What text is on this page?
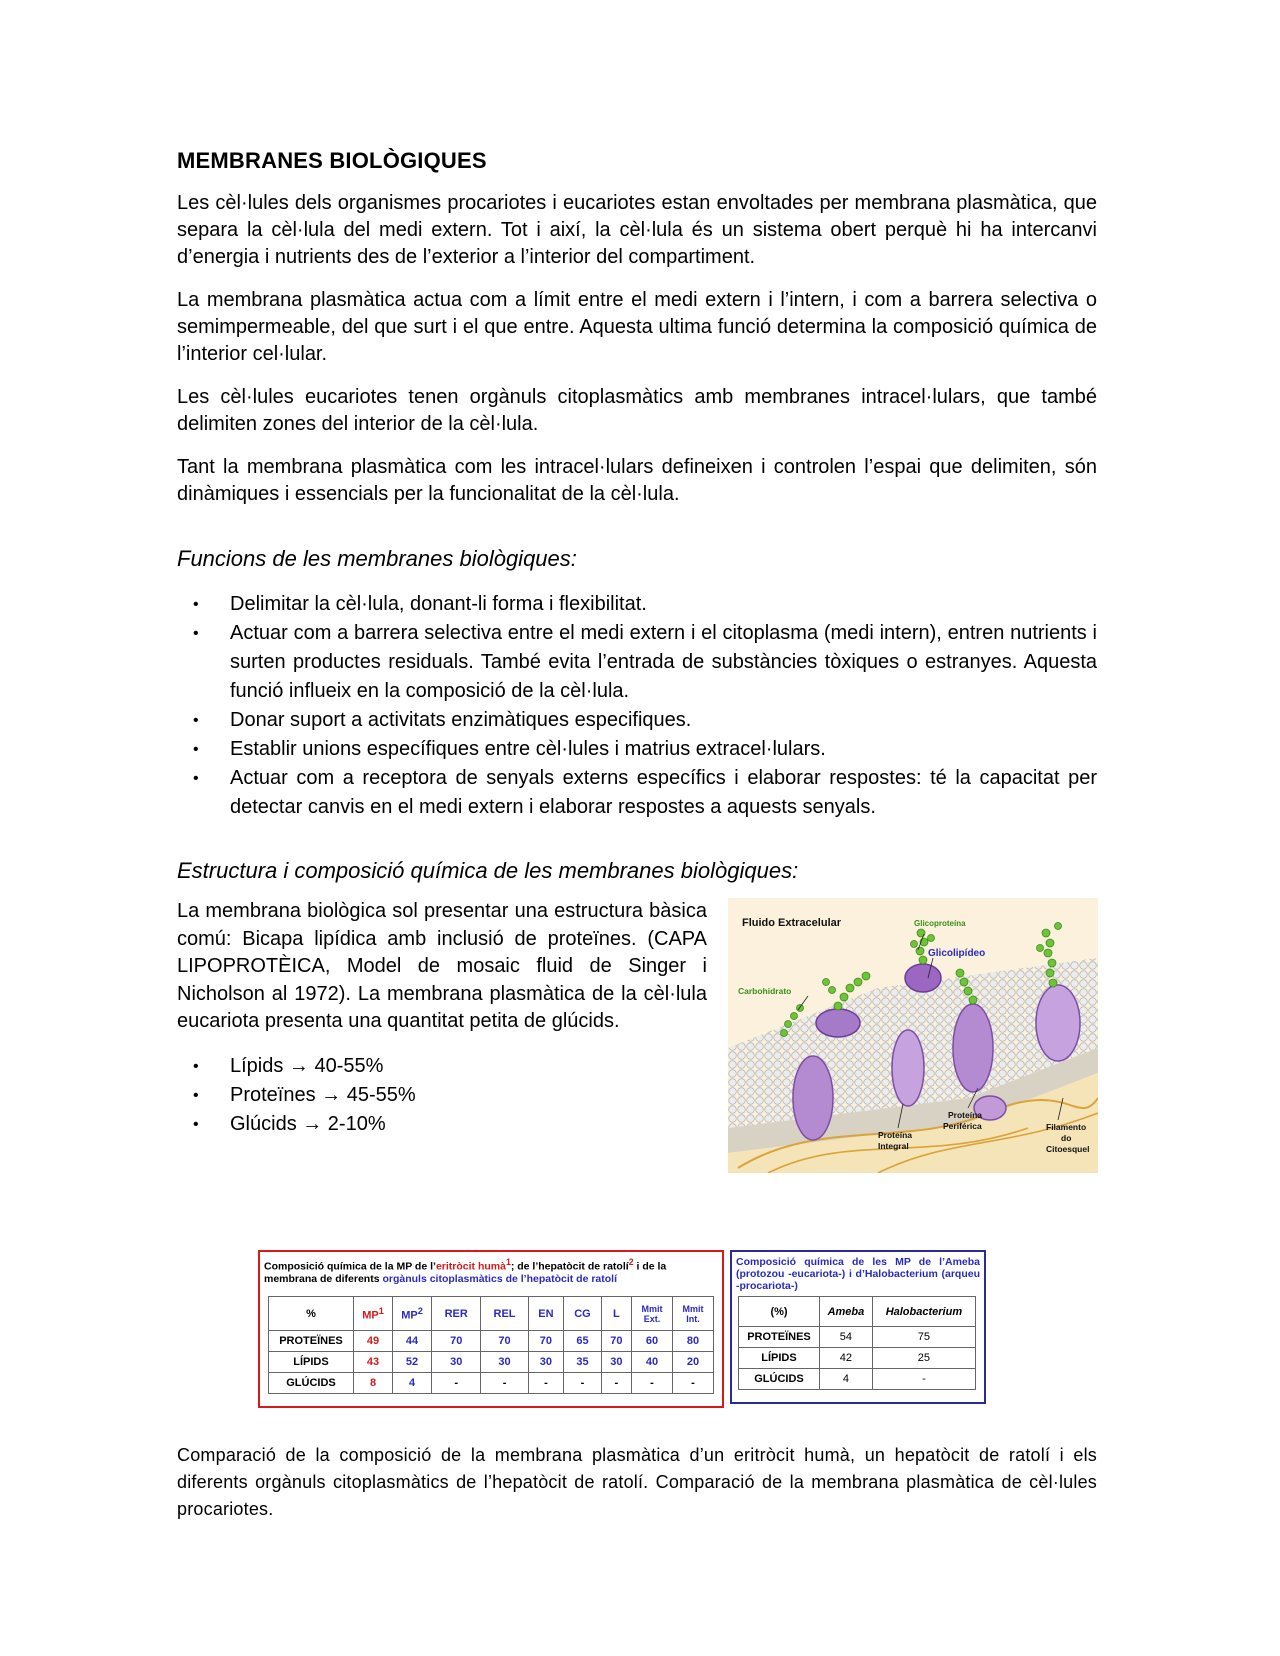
MEMBRANES BIOLÒGIQUES

Les cèl·lules dels organismes procariotes i eucariotes estan envoltades per membrana plasmàtica, que separa la cèl·lula del medi extern. Tot i així, la cèl·lula és un sistema obert perquè hi ha intercanvi d’energia i nutrients des de l’exterior a l’interior del compartiment.

La membrana plasmàtica actua com a límit entre el medi extern i l’intern, i com a barrera selectiva o semimpermeable, del que surt i el que entre. Aquesta ultima funció determina la composició química de l’interior cel·lular.

Les cèl·lules eucariotes tenen orgànuls citoplasmàtics amb membranes intracel·lulars, que també delimiten zones del interior de la cèl·lula.

Tant la membrana plasmàtica com les intracel·lulars defineixen i controlen l’espai que delimiten, són dinàmiques i essencials per la funcionalitat de la cèl·lula.

Funcions de les membranes biològiques:
• Delimitar la cèl·lula, donant-li forma i flexibilitat.
• Actuar com a barrera selectiva entre el medi extern i el citoplasma (medi intern), entren nutrients i surten productes residuals. També evita l’entrada de substàncies tòxiques o estranyes. Aquesta funció influeix en la composició de la cèl·lula.
• Donar suport a activitats enzimàtiques especifiques.
• Establir unions específiques entre cèl·lules i matrius extracel·lulars.
• Actuar com a receptora de senyals externs específics i elaborar respostes: té la capacitat per detectar canvis en el medi extern i elaborar respostes a aquests senyals.
Estructura i composició química de les membranes biològiques:

La membrana biològica sol presentar una estructura bàsica comú: Bicapa lipídica amb inclusió de proteïnes. (CAPA LIPOPROTÈICA, Model de mosaic fluid de Singer i Nicholson al 1972). La membrana plasmàtica de la cèl·lula eucariota presenta una quantitat petita de glúcids.

• Lípids → 40-55%
• Proteïnes → 45-55%
• Glúcids → 2-10%
Fluido Extracelular	Glicoproteína
Glicolipídeo
Carbohidrato
Proteína
Integral
Proteína
Periférica	Filamento
do
Citoesquel
Composició química de la MP de l’eritròcit humà$^1$; de l’hepatòcit de ratolí$^2$ i de la membrana de diferents orgànuls citoplasmàtics de l’hepatòcit de ratolí
%	$MP^1$	$MP^2$	RER	REL	EN	CG	L	Mmit Ext.	Mmit Int.
PROTEÏNES	49	44	70	70	70	65	70	60	80
LÍPIDS	43	52	30	30	30	35	30	40	20
GLÚCIDS	8	4	-	-	-	-	-	-	-
Composició química de les MP de l’Ameba (protozou -eucariota-) i d’Halobacterium (arqueu -procariota-)
(%)	Ameba	Halobacterium
PROTEÏNES	54	75
LÍPIDS	42	25
GLÚCIDS	4	-

Comparació de la composició de la membrana plasmàtica d’un eritròcit humà, un hepatòcit de ratolí i els diferents orgànuls citoplasmàtics de l’hepatòcit de ratolí. Comparació de la membrana plasmàtica de cèl·lules procariotes.
